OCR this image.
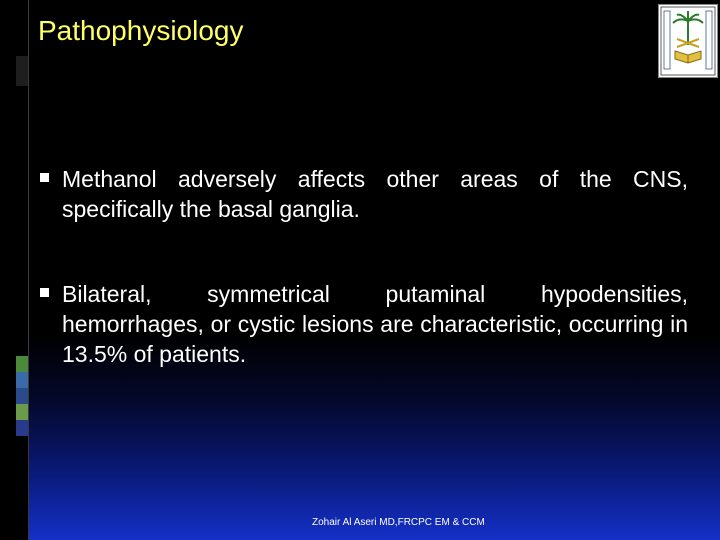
Pathophysiology
Methanol adversely affects other areas of the CNS, specifically the basal ganglia.
Bilateral, symmetrical putaminal hypodensities, hemorrhages, or cystic lesions are characteristic, occurring in 13.5% of patients.
Zohair Al Aseri MD,FRCPC EM & CCM
